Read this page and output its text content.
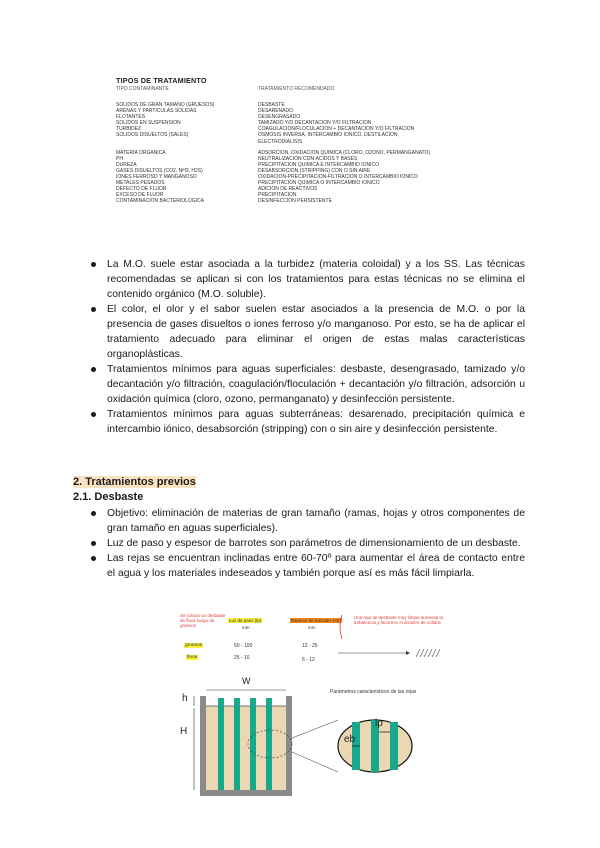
TIPOS DE TRATAMIENTO
TIPO CONTAMINANTE	TRATAMIENTO RECOMENDADO
SÓLIDOS DE GRAN TAMAÑO (GRUESOS)	DESBASTE
ARENAS Y PARTÍCULAS SÓLIDAS	DESARENADO
FLOTANTES	DESENGRASADO
SÓLIDOS EN SUSPENSIÓN	TAMIZADO Y/O DECANTACIÓN Y/O FILTRACIÓN
TURBIDEZ	COAGULACIÓN/FLOCULACIÓN + DECANTACIÓN Y/O FILTRACIÓN
SÓLIDOS DISUELTOS (SALES)	ÓSMOSIS INVERSA, INTERCAMBIO IÓNICO, DESTILACIÓN,
ELECTRODIÁLISIS
MATERIA ORGÁNICA	ADSORCIÓN, OXIDACIÓN QUÍMICA (CLORO, OZONO, PERMANGANATO)
PH	NEUTRALIZACIÓN CON ÁCIDOS Y BASES
DUREZA	PRECIPITACIÓN QUÍMICA E INTERCAMBIO IÓNICO
GASES DISUELTOS (CO2, NH3, H2S)	DESABSORCIÓN (STRIPPING) CON O SIN AIRE
IONES FERROSO Y MANGANOSO	OXIDACIÓN-PRECIPITACIÓN-FILTRACIÓN O INTERCAMBIO IÓNICO
METALES PESADOS	PRECIPITACIÓN QUÍMICA O INTERCAMBIO IÓNICO
DEFECTO DE FLÚOR	ADICIÓN DE REACTIVOS
EXCESO DE FLÚOR	PRECIPITACIÓN
CONTAMINACIÓN BACTERIOLÓGICA	DESINFECCIÓN PERSISTENTE
La M.O. suele estar asociada a la turbidez (materia coloidal) y a los SS. Las técnicas recomendadas se aplican si con los tratamientos para estas técnicas no se elimina el contenido orgánico (M.O. soluble).
El color, el olor y el sabor suelen estar asociados a la presencia de M.O. o por la presencia de gases disueltos o iones ferroso y/o manganoso. Por esto, se ha de aplicar el tratamiento adecuado para eliminar el origen de estas malas características organoplásticas.
Tratamientos mínimos para aguas superficiales: desbaste, desengrasado, tamizado y/o decantación y/o filtración, coagulación/floculación + decantación y/o filtración, adsorción u oxidación química (cloro, ozono, permanganato) y desinfección persistente.
Tratamientos mínimos para aguas subterráneas: desarenado, precipitación química e intercambio iónico, desabsorción (stripping) con o sin aire y desinfección persistente.
2. Tratamientos previos
2.1. Desbaste
Objetivo: eliminación de materias de gran tamaño (ramas, hojas y otros componentes de gran tamaño en aguas superficiales).
Luz de paso y espesor de barrotes son parámetros de dimensionamiento de un desbaste.
Las rejas se encuentran inclinadas entre 60-70º para aumentar el área de contacto entre el agua y los materiales indeseados y también porque así es más fácil limpiarla.
Se coloca un desbaste de finos luego de gruesos
Luz de paso (lp)
mm
Espesor de barrotes (eb)
mm
gruesos	50 - 100	12 - 25
finos	25 - 10	6 - 12
Una reja de desbaste muy limpia aumenta la turbulencia y favorece el arrastre de sólidos
W
h
H
lp
eb
Parámetros característicos de las rejas
